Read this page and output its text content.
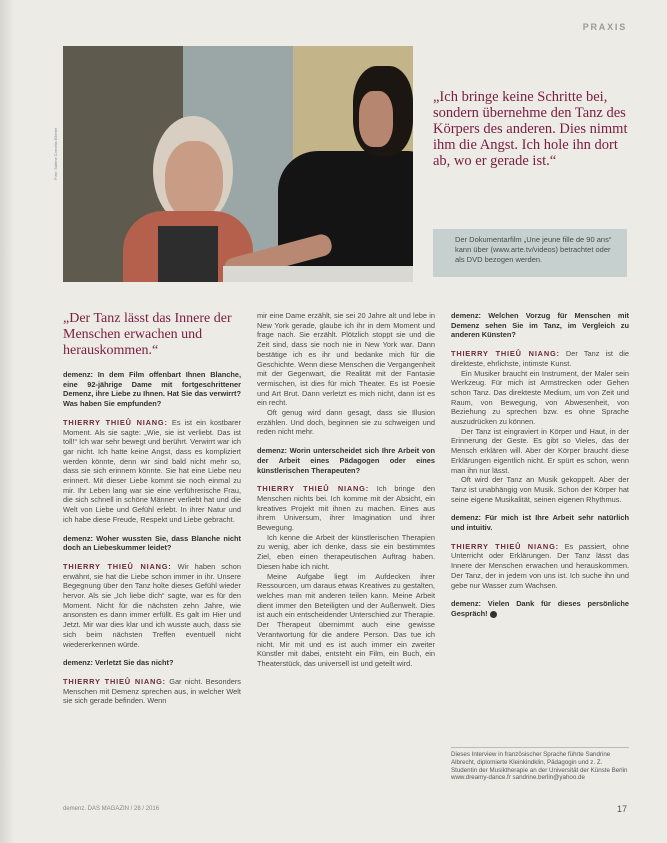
PRAXIS
Foto: Sabine Cornelia Ellerbe
„Ich bringe keine Schritte bei, sondern übernehme den Tanz des Körpers des anderen. Dies nimmt ihm die Angst. Ich hole ihn dort ab, wo er gerade ist.“
Der Dokumentarfilm „Une jeune fille de 90 ans“ kann über (www.arte.tv/videos) betrachtet oder als DVD bezogen werden.
„Der Tanz lässt das Innere der Menschen erwachen und herauskommen.“

demenz: In dem Film offenbart Ihnen Blanche, eine 92-jährige Dame mit fortgeschrittener Demenz, ihre Liebe zu Ihnen. Hat Sie das verwirrt? Was haben Sie empfunden?

THIERRY THIEÛ NIANG: Es ist ein kostbarer Moment. Als sie sagte: „Wie, sie ist verliebt. Das ist toll!“ Ich war sehr bewegt und berührt. Verwirrt war ich gar nicht. Ich hatte keine Angst, dass es kompliziert werden könnte, denn wir sind bald nicht mehr so, dass sie sich erinnern könnte. Sie hat eine Liebe neu erinnert. Mit dieser Liebe kommt sie noch einmal zu mir. Ihr Leben lang war sie eine verführerische Frau, die sich schnell in schöne Männer verliebt hat und die Welt von Liebe und Gefühl erlebt. In ihrer Natur und ich habe diese Freude, Respekt und Liebe gebracht.

demenz: Woher wussten Sie, dass Blanche nicht doch an Liebeskummer leidet?

THIERRY THIEÛ NIANG: Wir haben schon erwähnt, sie hat die Liebe schon immer in ihr. Unsere Begegnung über den Tanz holte dieses Gefühl wieder hervor. Als sie „Ich liebe dich“ sagte, war es für den Moment. Nicht für die nächsten zehn Jahre, wie ansonsten es dann immer erfüllt. Es galt im Hier und Jetzt. Mir war dies klar und ich wusste auch, dass sie sich beim nächsten Treffen eventuell nicht wiedererkennen würde.

demenz: Verletzt Sie das nicht?

THIERRY THIEÛ NIANG: Gar nicht. Besonders Menschen mit Demenz sprechen aus, in welcher Welt sie sich gerade befinden. Wenn

mir eine Dame erzählt, sie sei 20 Jahre alt und lebe in New York gerade, glaube ich ihr in dem Moment und frage nach. Sie erzählt. Plötzlich stoppt sie und die Zeit sind, dass sie noch nie in New York war. Dann bestätige ich es ihr und bedanke mich für die Geschichte. Wenn diese Menschen die Vergangenheit mit der Gegenwart, die Realität mit der Fantasie vermischen, ist dies für mich Theater. Es ist Poesie und Art Brut. Dann verletzt es mich nicht, dann ist es ein recht.

Oft genug wird dann gesagt, dass sie Illusion erzählen. Und doch, beginnen sie zu schweigen und reden nicht mehr.

demenz: Worin unterscheidet sich Ihre Arbeit von der Arbeit eines Pädagogen oder eines künstlerischen Therapeuten?

THIERRY THIEÛ NIANG: Ich bringe den Menschen nichts bei. Ich komme mit der Absicht, ein kreatives Projekt mit ihnen zu machen. Eines aus ihrem Universum, ihrer Imagination und ihrer Bewegung.

Ich kenne die Arbeit der künstlerischen Therapien zu wenig, aber ich denke, dass sie ein bestimmtes Ziel, eben einen therapeutischen Auftrag haben. Diesen habe ich nicht.

Meine Aufgabe liegt im Aufdecken ihrer Ressourcen, um daraus etwas Kreatives zu gestalten, welches man mit anderen teilen kann. Meine Arbeit dient immer den Beteiligten und der Außenwelt. Dies ist auch ein entscheidender Unterschied zur Therapie. Der Therapeut übernimmt auch eine gewisse Verantwortung für die andere Person. Das tue ich nicht. Mir mit und es ist auch immer ein zweiter Künstler mit dabei, entsteht ein Film, ein Buch, ein Theaterstück, das universell ist und geteilt wird.

demenz: Welchen Vorzug für Menschen mit Demenz sehen Sie im Tanz, im Vergleich zu anderen Künsten?

THIERRY THIEÛ NIANG: Der Tanz ist die direkteste, ehrlichste, intimste Kunst.

Ein Musiker braucht ein Instrument, der Maler sein Werkzeug. Für mich ist Armstrecken oder Gehen schon Tanz. Das direkteste Medium, um von Zeit und Raum, von Bewegung, von Abwesenheit, von Beziehung zu sprechen bzw. es ohne Sprache auszudrücken zu können.

Der Tanz ist eingraviert in Körper und Haut, in der Erinnerung der Geste. Es gibt so Vieles, das der Mensch erklären will. Aber der Körper braucht diese Erklärungen eigentlich nicht. Er spürt es schon, wenn man ihn nur lässt.

Oft wird der Tanz an Musik gekoppelt. Aber der Tanz ist unabhängig von Musik. Schon der Körper hat seine eigene Musikalität, seinen eigenen Rhythmus.

demenz: Für mich ist Ihre Arbeit sehr natürlich und intuitiv.

THIERRY THIEÛ NIANG: Es passiert, ohne Unterricht oder Erklärungen. Der Tanz lässt das Innere der Menschen erwachen und herauskommen. Der Tanz, der in jedem von uns ist. Ich suche ihn und gebe nur Wasser zum Wachsen.

demenz: Vielen Dank für dieses persönliche Gespräch!

Dieses Interview in französischer Sprache führte Sandrine Albrecht, diplomierte Kleinkindklin, Pädagogin und z. Z. Studentin der Musiktherapie an der Universität der Künste Berlin www.dreamy-dance.fr sandrine.berlin@yahoo.de
demenz. DAS MAGAZIN / 28 / 2016	17
